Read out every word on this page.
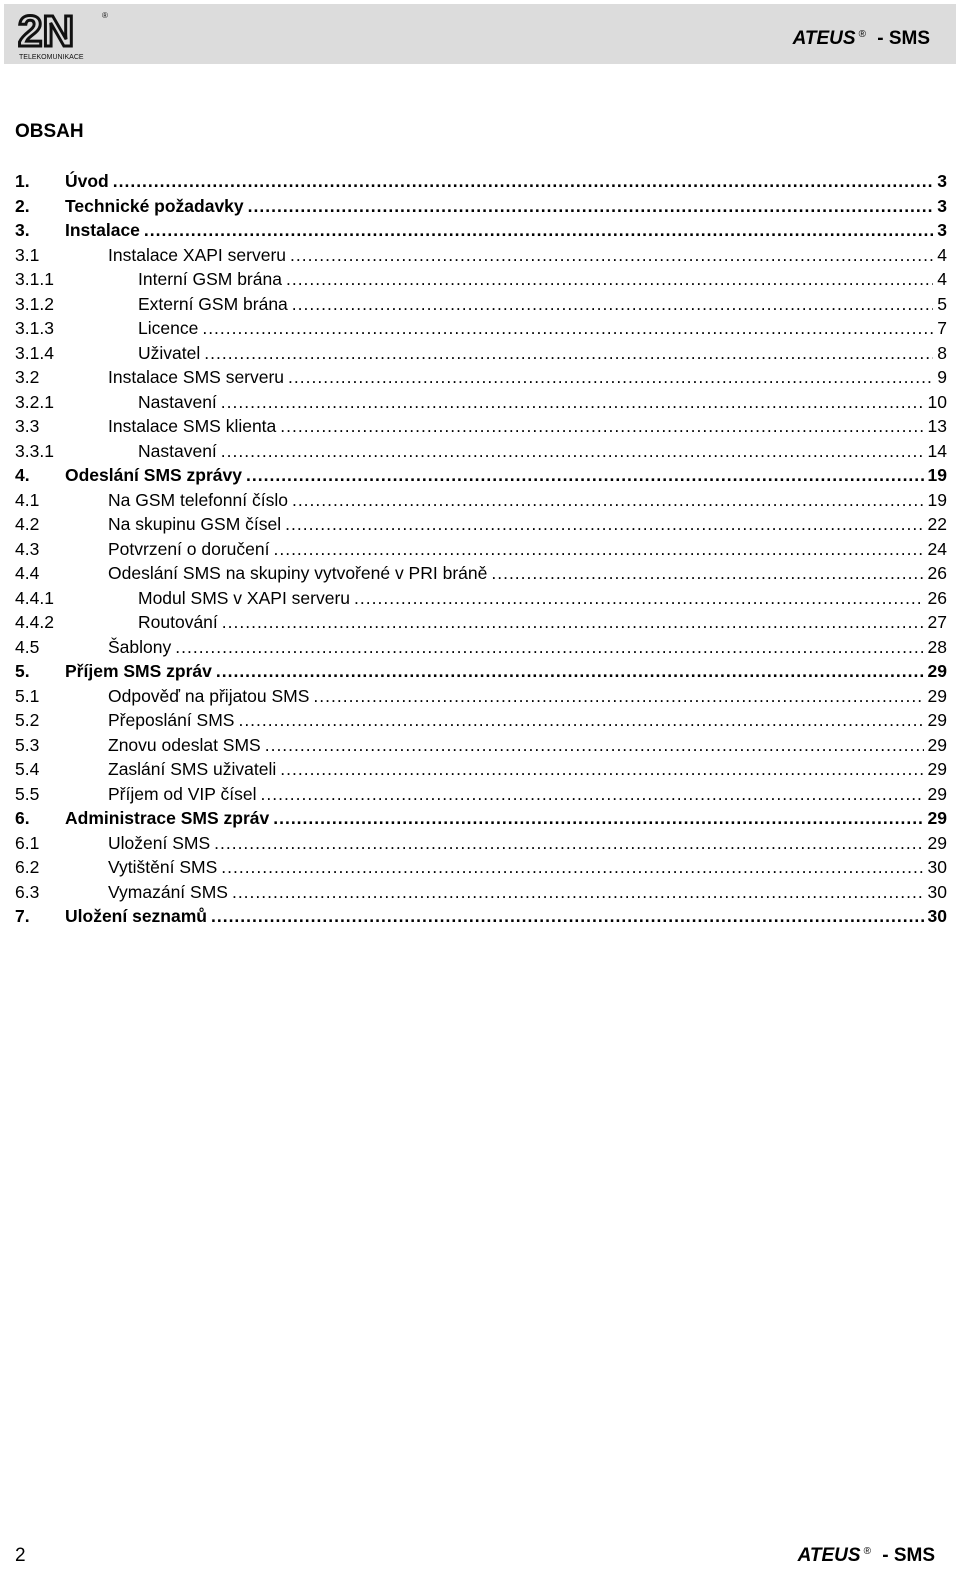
2N	®
TELEKOMUNIKACE
ATEUS ® - SMS
OBSAH
1.	Úvod .....	3
2.	Technické požadavky .....	3
3.	Instalace .....	3
3.1	Instalace XAPI serveru .....	4
3.1.1	Interní GSM brána .....	4
3.1.2	Externí GSM brána .....	5
3.1.3	Licence .....	7
3.1.4	Uživatel .....	8
3.2	Instalace SMS serveru .....	9
3.2.1	Nastavení .....	10
3.3	Instalace SMS klienta .....	13
3.3.1	Nastavení .....	14
4.	Odeslání SMS zprávy .....	19
4.1	Na GSM telefonní číslo .....	19
4.2	Na skupinu GSM čísel .....	22
4.3	Potvrzení o doručení .....	24
4.4	Odeslání SMS na skupiny vytvořené v PRI bráně .....	26
4.4.1	Modul SMS v XAPI serveru .....	26
4.4.2	Routování .....	27
4.5	Šablony .....	28
5.	Příjem SMS zpráv .....	29
5.1	Odpověď na přijatou SMS .....	29
5.2	Přeposlání SMS .....	29
5.3	Znovu odeslat SMS .....	29
5.4	Zaslání SMS uživateli .....	29
5.5	Příjem od VIP čísel .....	29
6.	Administrace SMS zpráv .....	29
6.1	Uložení SMS .....	29
6.2	Vytištění SMS .....	30
6.3	Vymazání SMS .....	30
7.	Uložení seznamů .....	30
2	ATEUS ® - SMS
